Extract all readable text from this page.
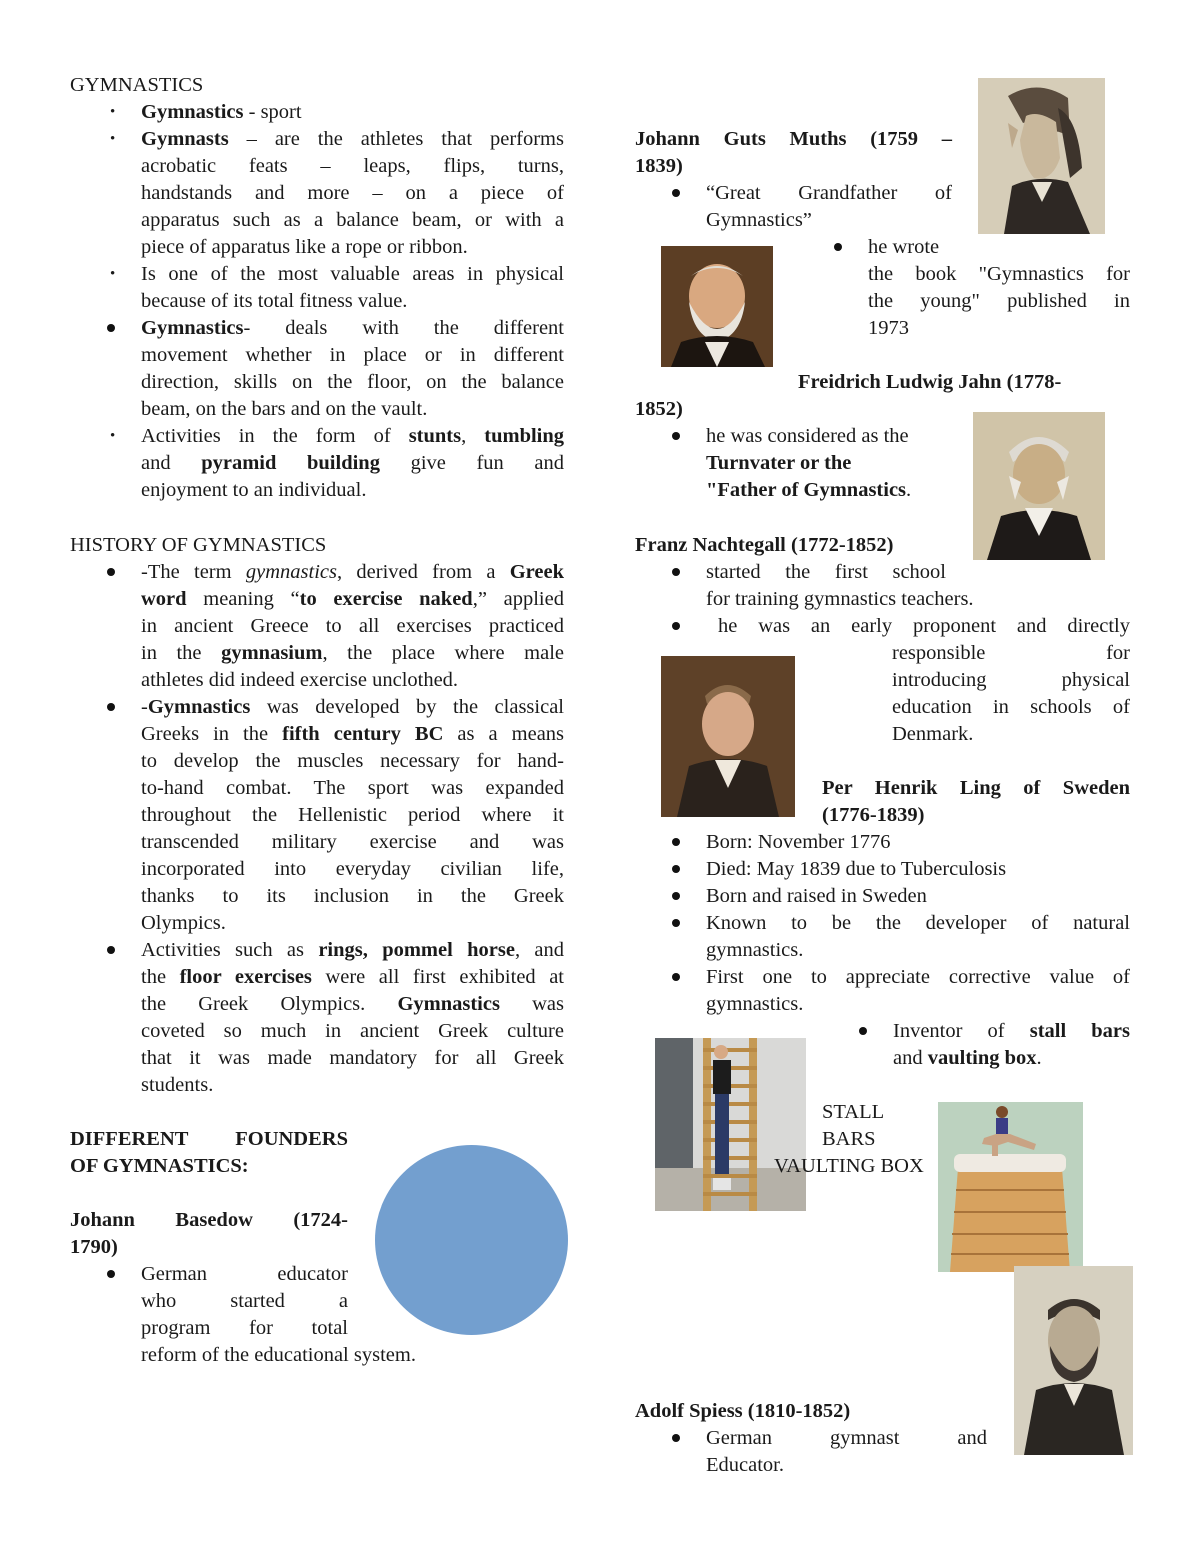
GYMNASTICS
• Gymnastics - sport
• Gymnasts – are the athletes that performs
acrobatic feats – leaps, flips, turns,
handstands and more – on a piece of
apparatus such as a balance beam, or with a
piece of apparatus like a rope or ribbon.
• Is one of the most valuable areas in physical
because of its total fitness value.
Gymnastics- deals with the different
movement whether in place or in different
direction, skills on the floor, on the balance
beam, on the bars and on the vault.
• Activities in the form of stunts, tumbling
and pyramid building give fun and
enjoyment to an individual.
HISTORY OF GYMNASTICS
-The term gymnastics, derived from a Greek
word meaning “to exercise naked,” applied
in ancient Greece to all exercises practiced
in the gymnasium, the place where male
athletes did indeed exercise unclothed.
-Gymnastics was developed by the classical
Greeks in the fifth century BC as a means
to develop the muscles necessary for hand-
to-hand combat. The sport was expanded
throughout the Hellenistic period where it
transcended military exercise and was
incorporated into everyday civilian life,
thanks to its inclusion in the Greek
Olympics.
Activities such as rings, pommel horse, and
the floor exercises were all first exhibited at
the Greek Olympics. Gymnastics was
coveted so much in ancient Greek culture
that it was made mandatory for all Greek
students.
DIFFERENT FOUNDERS
OF GYMNASTICS:
Johann Basedow (1724-
1790)
German educator
who started a
program for total
reform of the educational system.
Johann Guts Muths (1759 –
1839)
“Great Grandfather of
Gymnastics”
he wrote
the book "Gymnastics for
the young" published in
1973
Freidrich Ludwig Jahn (1778-
1852)
he was considered as the
Turnvater or the
"Father of Gymnastics.
Franz Nachtegall (1772-1852)
started the first school
for training gymnastics teachers.
he was an early proponent and directly
responsible for
introducing physical
education in schools of
Denmark.
Per Henrik Ling of Sweden
(1776-1839)
Born: November 1776
Died: May 1839 due to Tuberculosis
Born and raised in Sweden
Known to be the developer of natural
gymnastics.
First one to appreciate corrective value of
gymnastics.
Inventor of stall bars
and vaulting box.
STALL
BARS
VAULTING BOX
Adolf Spiess (1810-1852)
German gymnast and
Educator.
